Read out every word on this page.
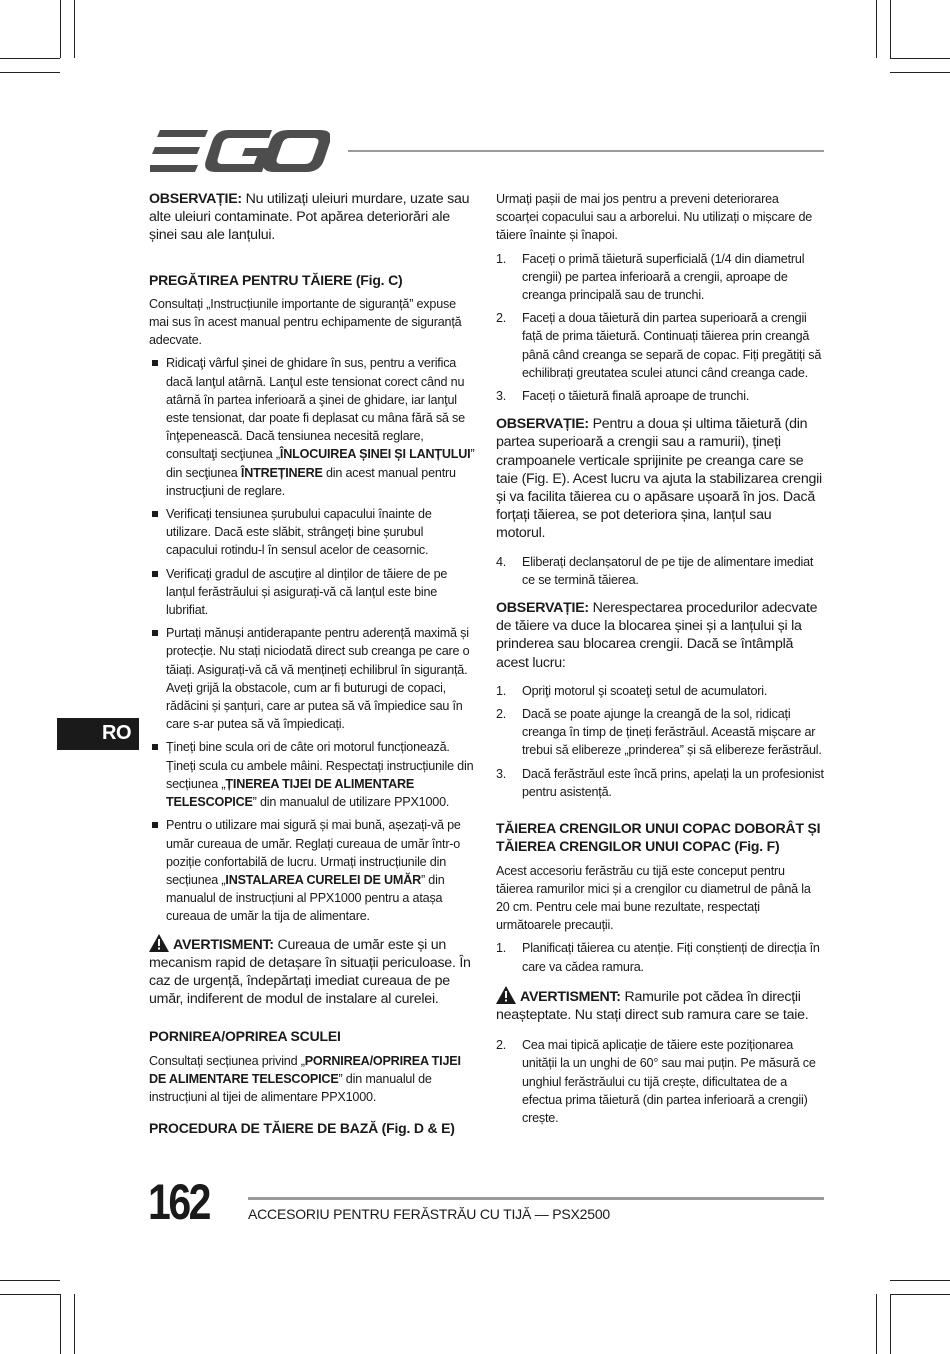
RO

OBSERVAȚIE: Nu utilizați uleiuri murdare, uzate sau alte uleiuri contaminate. Pot apărea deteriorări ale șinei sau ale lanțului.

PREGĂTIREA PENTRU TĂIERE (Fig. C)

Consultați „Instrucțiunile importante de siguranță” expuse mai sus în acest manual pentru echipamente de siguranță adecvate.

Ridicaţi vârful şinei de ghidare în sus, pentru a verifica dacă lanţul atârnă. Lanţul este tensionat corect când nu atârnă în partea inferioară a şinei de ghidare, iar lanţul este tensionat, dar poate fi deplasat cu mâna fără să se înţepenească. Dacă tensiunea necesită reglare, consultaţi secţiunea „ÎNLOCUIREA ȘINEI ȘI LANȚULUI” din secţiunea ÎNTREȚINERE din acest manual pentru instrucţiuni de reglare.
Verificați tensiunea șurubului capacului înainte de utilizare. Dacă este slăbit, strângeți bine șurubul capacului rotindu-l în sensul acelor de ceasornic.
Verificați gradul de ascuțire al dinților de tăiere de pe lanțul ferăstrăului și asigurați-vă că lanțul este bine lubrifiat.
Purtați mănuși antiderapante pentru aderență maximă și protecție. Nu stați niciodată direct sub creanga pe care o tăiați. Asigurați-vă că vă mențineți echilibrul în siguranță. Aveți grijă la obstacole, cum ar fi buturugi de copaci, rădăcini și șanțuri, care ar putea să vă împiedice sau în care s-ar putea să vă împiedicați.
Țineți bine scula ori de câte ori motorul funcționează. Țineți scula cu ambele mâini. Respectați instrucțiunile din secțiunea „ȚINEREA TIJEI DE ALIMENTARE TELESCOPICE” din manualul de utilizare PPX1000.
Pentru o utilizare mai sigură și mai bună, așezați-vă pe umăr cureaua de umăr. Reglați cureaua de umăr într-o poziție confortabilă de lucru. Urmați instrucțiunile din secțiunea „INSTALAREA CURELEI DE UMĂR” din manualul de instrucțiuni al PPX1000 pentru a atașa cureaua de umăr la tija de alimentare.

AVERTISMENT: Cureaua de umăr este și un mecanism rapid de detașare în situații periculoase. În caz de urgență, îndepărtați imediat cureaua de pe umăr, indiferent de modul de instalare al curelei.

PORNIREA/OPRIREA SCULEI

Consultați secțiunea privind „PORNIREA/OPRIREA TIJEI DE ALIMENTARE TELESCOPICE” din manualul de instrucțiuni al tijei de alimentare PPX1000.

PROCEDURA DE TĂIERE DE BAZĂ (Fig. D & E)

Urmați pașii de mai jos pentru a preveni deteriorarea scoarței copacului sau a arborelui. Nu utilizați o mișcare de tăiere înainte și înapoi.

1. Faceți o primă tăietură superficială (1/4 din diametrul crengii) pe partea inferioară a crengii, aproape de creanga principală sau de trunchi.
2. Faceți a doua tăietură din partea superioară a crengii față de prima tăietură. Continuați tăierea prin creangă până când creanga se separă de copac. Fiți pregătiți să echilibrați greutatea sculei atunci când creanga cade.
3. Faceți o tăietură finală aproape de trunchi.

OBSERVAȚIE: Pentru a doua și ultima tăietură (din partea superioară a crengii sau a ramurii), țineți crampoanele verticale sprijinite pe creanga care se taie (Fig. E). Acest lucru va ajuta la stabilizarea crengii și va facilita tăierea cu o apăsare ușoară în jos. Dacă forțați tăierea, se pot deteriora șina, lanțul sau motorul.

4. Eliberați declanșatorul de pe tije de alimentare imediat ce se termină tăierea.

OBSERVAȚIE: Nerespectarea procedurilor adecvate de tăiere va duce la blocarea șinei și a lanțului și la prinderea sau blocarea crengii. Dacă se întâmplă acest lucru:

1. Opriţi motorul şi scoateţi setul de acumulatori.
2. Dacă se poate ajunge la creangă de la sol, ridicați creanga în timp de țineți ferăstrăul. Această mișcare ar trebui să elibereze „prinderea” și să elibereze ferăstrăul.
3. Dacă ferăstrăul este încă prins, apelați la un profesionist pentru asistență.
TĂIEREA CRENGILOR UNUI COPAC DOBORÂT ȘI TĂIEREA CRENGILOR UNUI COPAC (Fig. F)

Acest accesoriu ferăstrău cu tijă este conceput pentru tăierea ramurilor mici și a crengilor cu diametrul de până la 20 cm. Pentru cele mai bune rezultate, respectați următoarele precauții.

1. Planificați tăierea cu atenție. Fiți conștienți de direcția în care va cădea ramura.

AVERTISMENT: Ramurile pot cădea în direcții neașteptate. Nu stați direct sub ramura care se taie.

2. Cea mai tipică aplicație de tăiere este poziționarea unității la un unghi de 60° sau mai puțin. Pe măsură ce unghiul ferăstrăului cu tijă crește, dificultatea de a efectua prima tăietură (din partea inferioară a crengii) crește.
162	ACCESORIU PENTRU FERĂSTRĂU CU TIJĂ — PSX2500
